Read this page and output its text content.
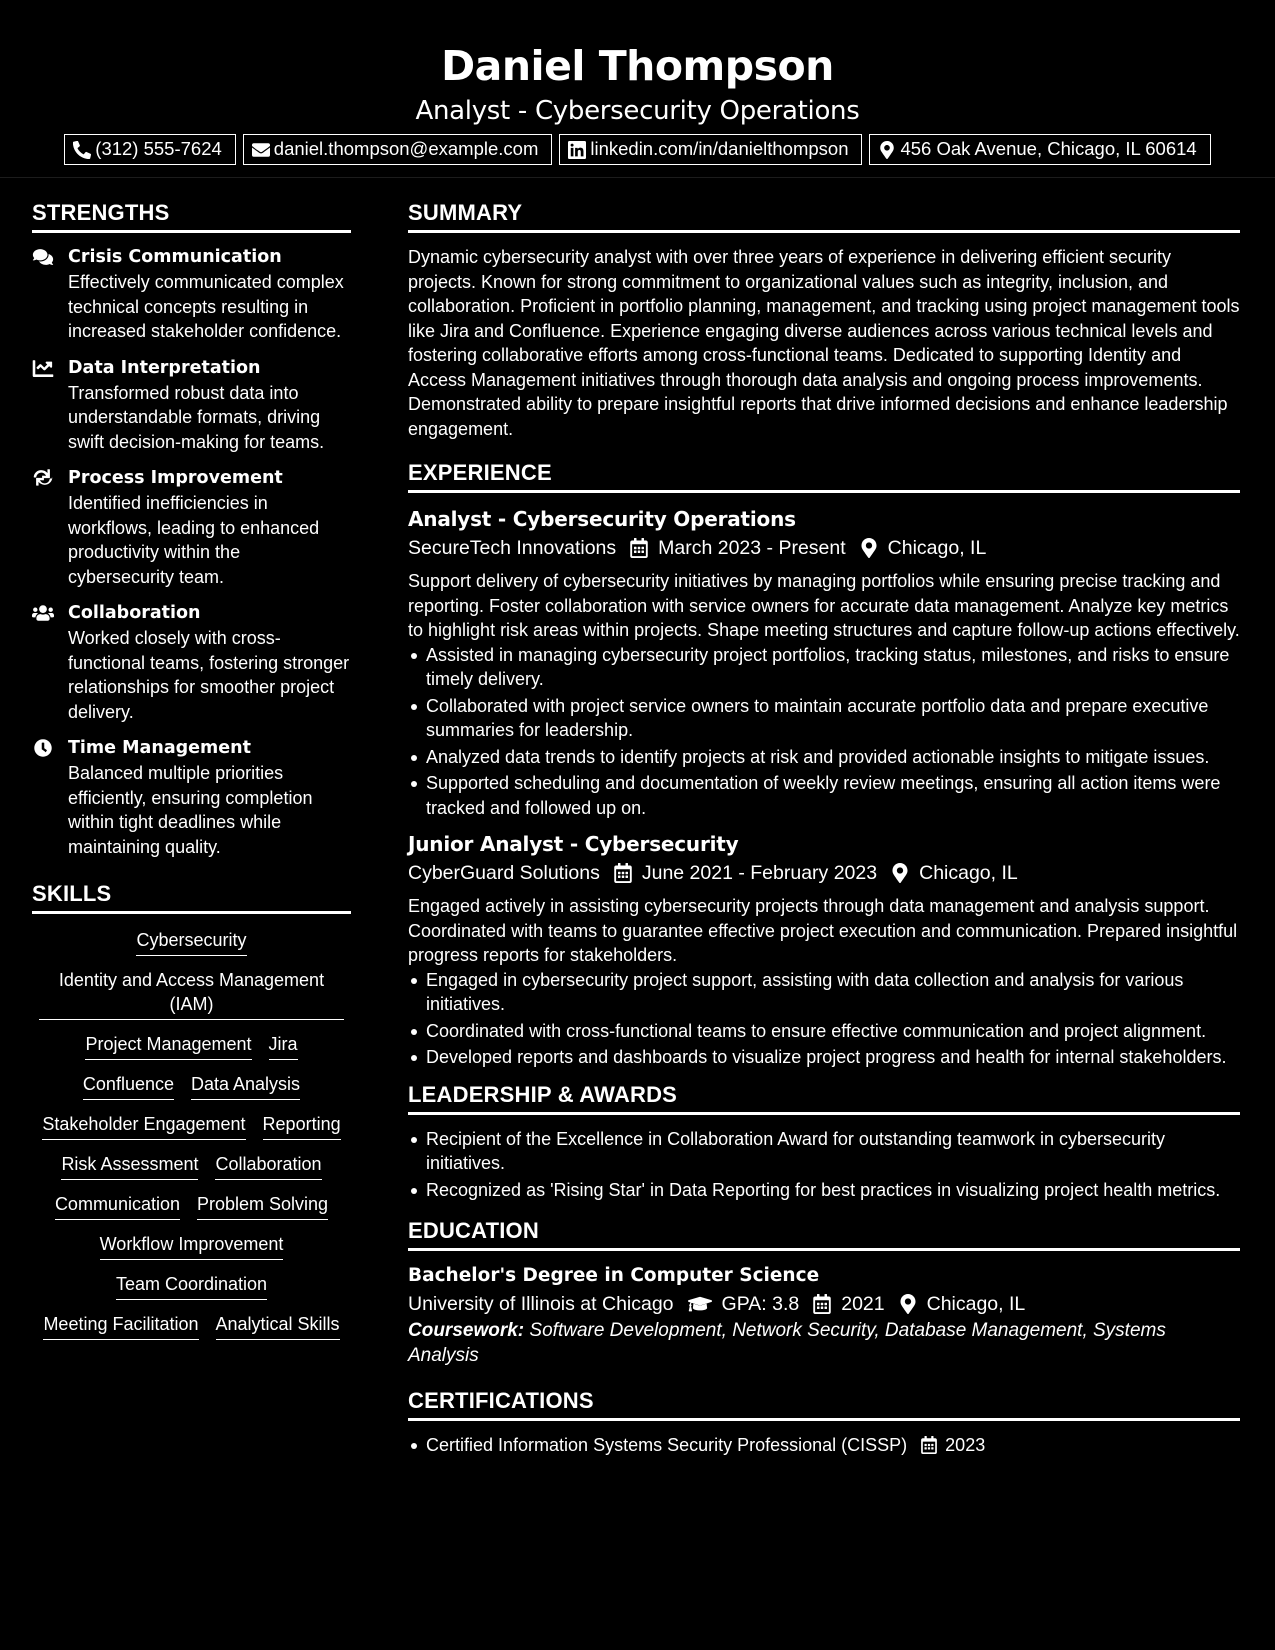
Daniel Thompson
Analyst - Cybersecurity Operations
(312) 555-7624	daniel.thompson@example.com	linkedin.com/in/danielthompson	456 Oak Avenue, Chicago, IL 60614
STRENGTHS
Crisis Communication
Effectively communicated complex technical concepts resulting in increased stakeholder confidence.
Data Interpretation
Transformed robust data into understandable formats, driving swift decision-making for teams.
Process Improvement
Identified inefficiencies in workflows, leading to enhanced productivity within the cybersecurity team.
Collaboration
Worked closely with cross-functional teams, fostering stronger relationships for smoother project delivery.
Time Management
Balanced multiple priorities efficiently, ensuring completion within tight deadlines while maintaining quality.
SKILLS
Cybersecurity
Identity and Access Management (IAM)
Project Management Jira
Confluence Data Analysis
Stakeholder Engagement Reporting
Risk Assessment Collaboration
Communication Problem Solving
Workflow Improvement
Team Coordination
Meeting Facilitation Analytical Skills
SUMMARY
Dynamic cybersecurity analyst with over three years of experience in delivering efficient security projects. Known for strong commitment to organizational values such as integrity, inclusion, and collaboration. Proficient in portfolio planning, management, and tracking using project management tools like Jira and Confluence. Experience engaging diverse audiences across various technical levels and fostering collaborative efforts among cross-functional teams. Dedicated to supporting Identity and Access Management initiatives through thorough data analysis and ongoing process improvements. Demonstrated ability to prepare insightful reports that drive informed decisions and enhance leadership engagement.
EXPERIENCE
Analyst - Cybersecurity Operations
SecureTech Innovations March 2023 - Present Chicago, IL
Support delivery of cybersecurity initiatives by managing portfolios while ensuring precise tracking and reporting. Foster collaboration with service owners for accurate data management. Analyze key metrics to highlight risk areas within projects. Shape meeting structures and capture follow-up actions effectively.
Assisted in managing cybersecurity project portfolios, tracking status, milestones, and risks to ensure timely delivery.
Collaborated with project service owners to maintain accurate portfolio data and prepare executive summaries for leadership.
Analyzed data trends to identify projects at risk and provided actionable insights to mitigate issues.
Supported scheduling and documentation of weekly review meetings, ensuring all action items were tracked and followed up on.
Junior Analyst - Cybersecurity
CyberGuard Solutions June 2021 - February 2023 Chicago, IL
Engaged actively in assisting cybersecurity projects through data management and analysis support. Coordinated with teams to guarantee effective project execution and communication. Prepared insightful progress reports for stakeholders.
Engaged in cybersecurity project support, assisting with data collection and analysis for various initiatives.
Coordinated with cross-functional teams to ensure effective communication and project alignment.
Developed reports and dashboards to visualize project progress and health for internal stakeholders.
LEADERSHIP & AWARDS
Recipient of the Excellence in Collaboration Award for outstanding teamwork in cybersecurity initiatives.
Recognized as 'Rising Star' in Data Reporting for best practices in visualizing project health metrics.
EDUCATION
Bachelor's Degree in Computer Science
University of Illinois at Chicago GPA: 3.8 2021 Chicago, IL
Coursework: Software Development, Network Security, Database Management, Systems Analysis
CERTIFICATIONS
Certified Information Systems Security Professional (CISSP) 2023
